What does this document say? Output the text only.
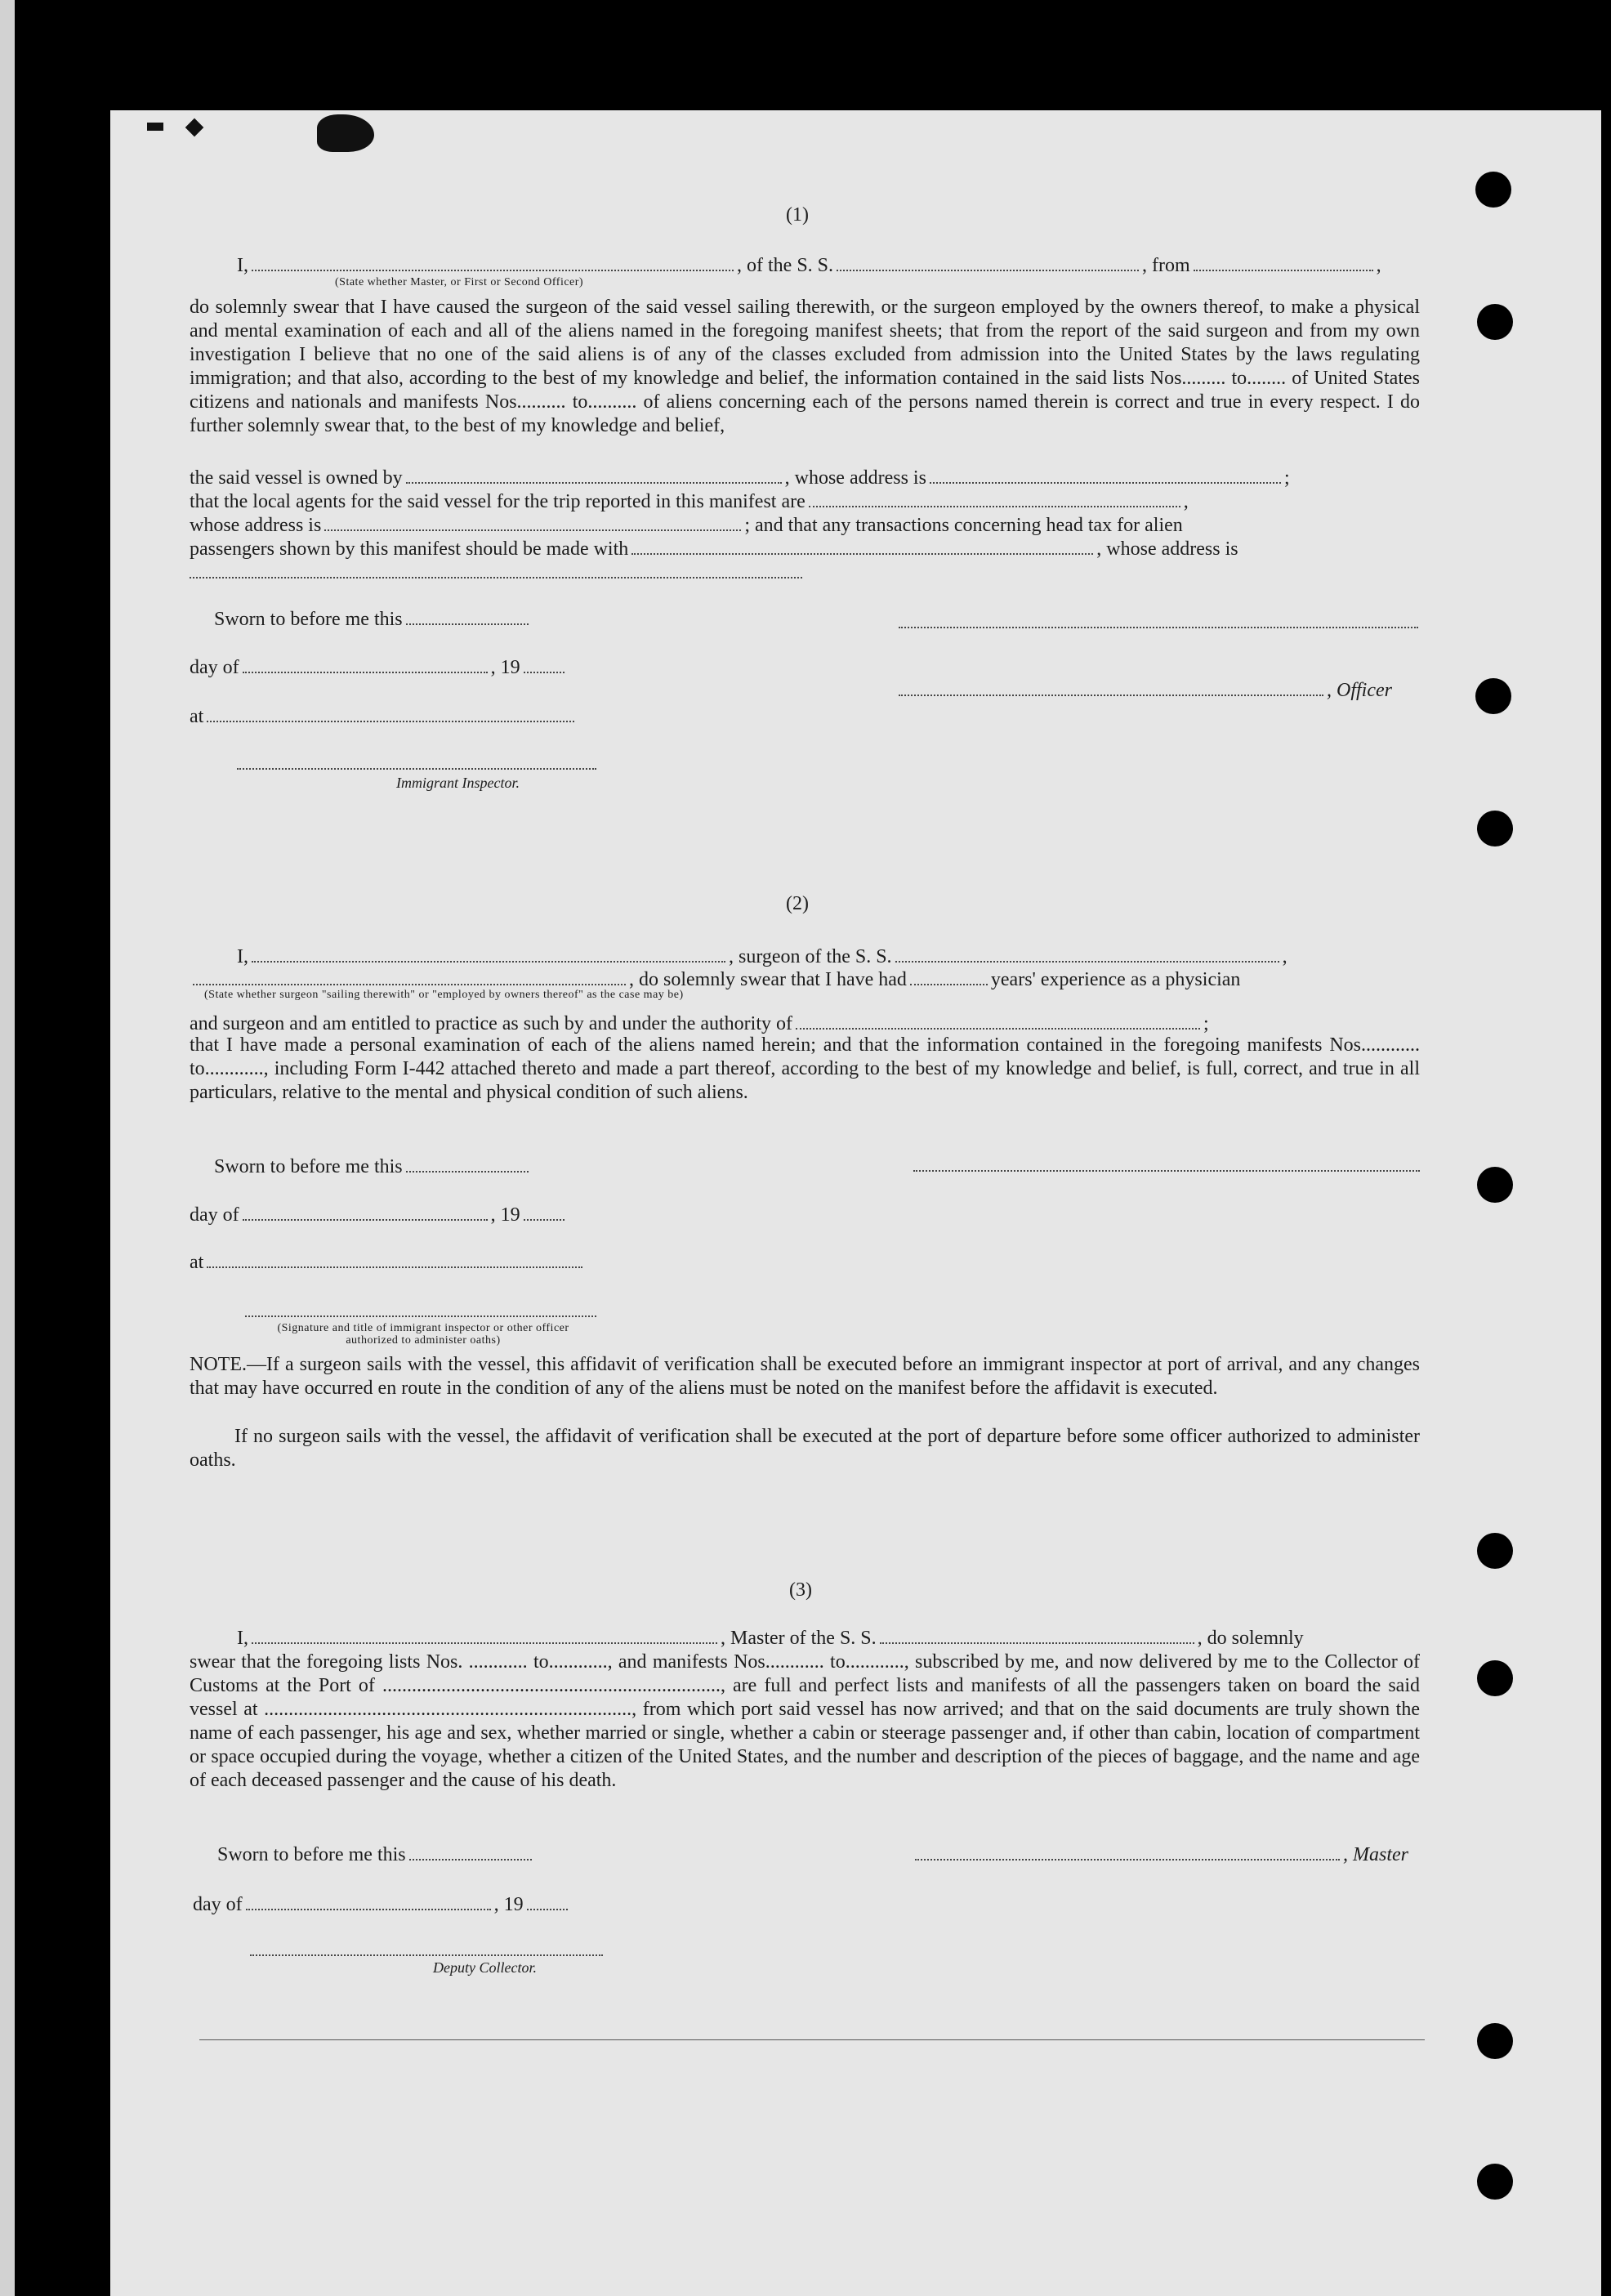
(1)
I,	, of the S. S.	, from	,
(State whether Master, or First or Second Officer)
do solemnly swear that I have caused the surgeon of the said vessel sailing therewith, or the surgeon employed by the owners thereof, to make a physical and mental examination of each and all of the aliens named in the foregoing manifest sheets; that from the report of the said surgeon and from my own investigation I believe that no one of the said aliens is of any of the classes excluded from admission into the United States by the laws regulating immigration; and that also, according to the best of my knowledge and belief, the information contained in the said lists Nos......... to........ of United States citizens and nationals and manifests Nos.......... to.......... of aliens concerning each of the persons named therein is correct and true in every respect. I do further solemnly swear that, to the best of my knowledge and belief,
the said vessel is owned by	, whose address is	;
that the local agents for the said vessel for the trip reported in this manifest are	,
whose address is	; and that any transactions concerning head tax for alien
passengers shown by this manifest should be made with	, whose address is
Sworn to before me this
day of	, 19
, Officer
at
Immigrant Inspector.
(2)
I,	, surgeon of the S. S.	,
, do solemnly swear that I have had	years' experience as a physician
(State whether surgeon "sailing therewith" or "employed by owners thereof" as the case may be)
and surgeon and am entitled to practice as such by and under the authority of	;
that I have made a personal examination of each of the aliens named herein; and that the information contained in the foregoing manifests Nos............ to............, including Form I-442 attached thereto and made a part thereof, according to the best of my knowledge and belief, is full, correct, and true in all particulars, relative to the mental and physical condition of such aliens.
Sworn to before me this
day of	, 19
at
(Signature and title of immigrant inspector or other officer authorized to administer oaths)
NOTE.—If a surgeon sails with the vessel, this affidavit of verification shall be executed before an immigrant inspector at port of arrival, and any changes that may have occurred en route in the condition of any of the aliens must be noted on the manifest before the affidavit is executed.
If no surgeon sails with the vessel, the affidavit of verification shall be executed at the port of departure before some officer authorized to administer oaths.
(3)
I,	, Master of the S. S.	, do solemnly
swear that the foregoing lists Nos. ............ to............, and manifests Nos............ to............, subscribed by me, and now delivered by me to the Collector of Customs at the Port of ....................................................................., are full and perfect lists and manifests of all the passengers taken on board the said vessel at ..........................................................................., from which port said vessel has now arrived; and that on the said documents are truly shown the name of each passenger, his age and sex, whether married or single, whether a cabin or steerage passenger and, if other than cabin, location of compartment or space occupied during the voyage, whether a citizen of the United States, and the number and description of the pieces of baggage, and the name and age of each deceased passenger and the cause of his death.
Sworn to before me this	, Master
day of	, 19
Deputy Collector.
